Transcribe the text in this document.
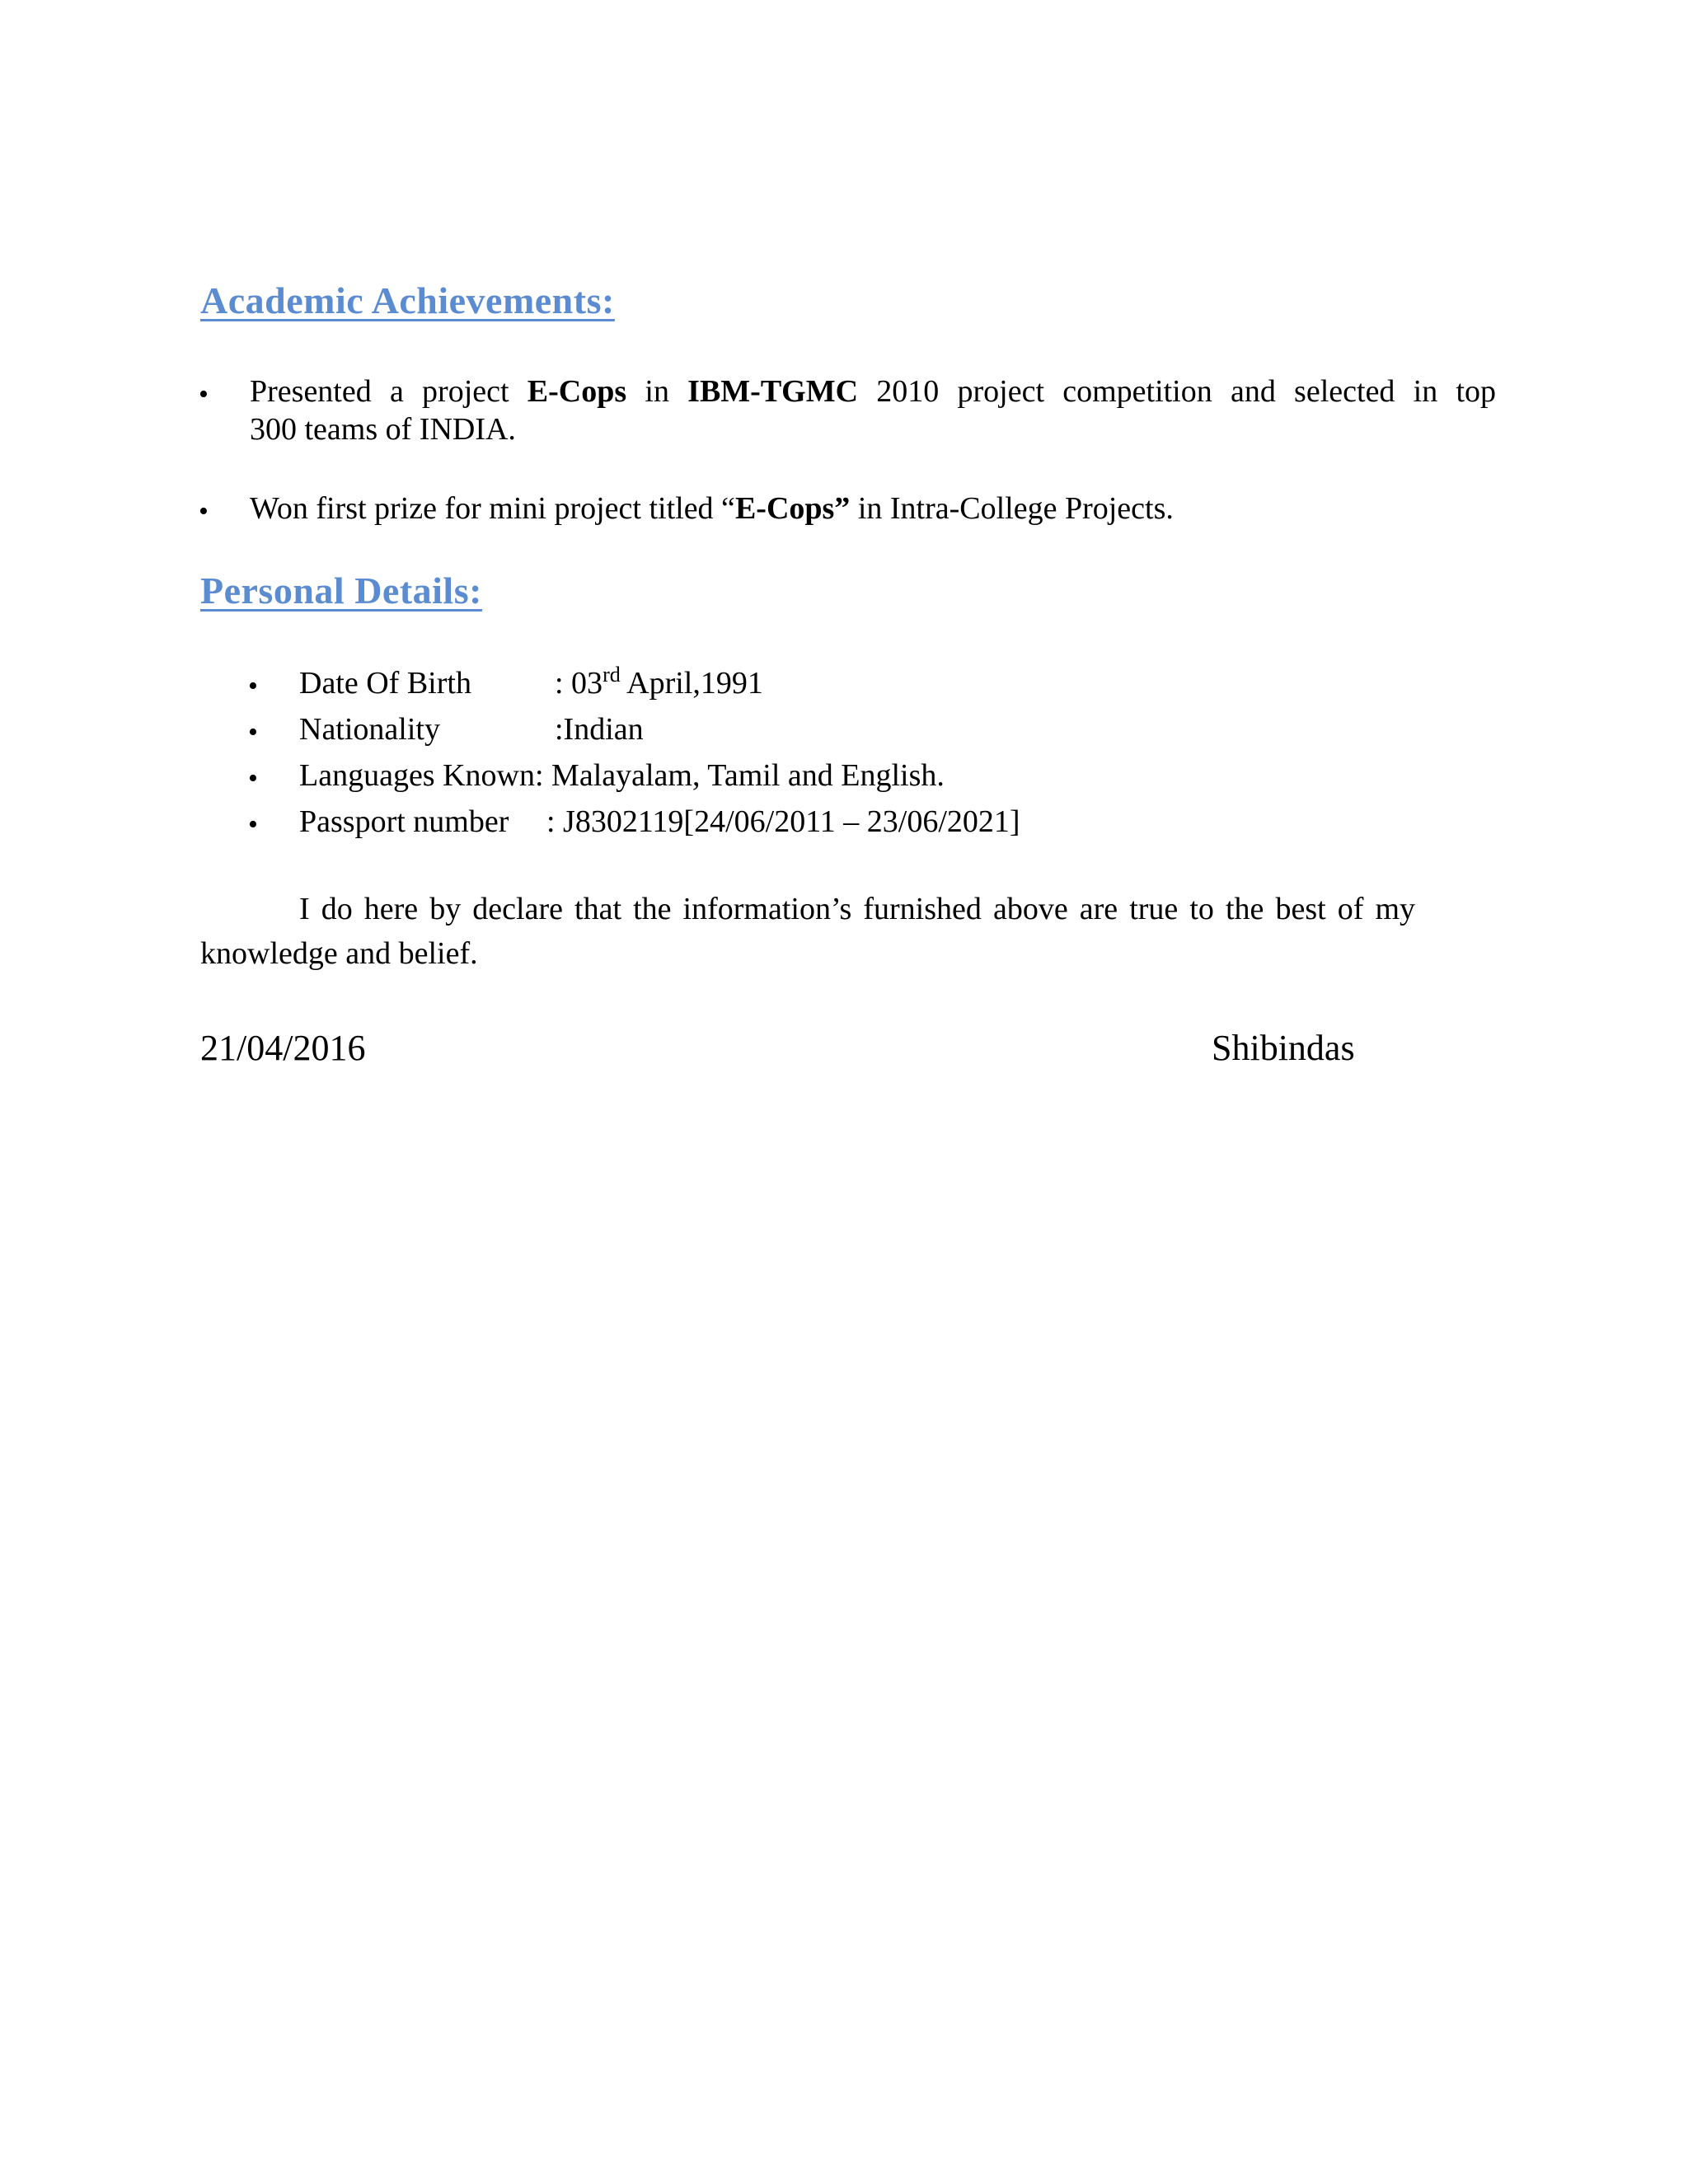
Academic Achievements:
• Presented a project E-Cops in IBM-TGMC 2010 project competition and selected in top
300 teams of INDIA.
• Won first prize for mini project titled “E-Cops” in Intra-College Projects.
Personal Details:
• Date Of Birth	: 03rd April,1991
• Nationality	:Indian
• Languages Known: Malayalam, Tamil and English.
• Passport number : J8302119[24/06/2011 – 23/06/2021]
I do here by declare that the information’s furnished above are true to the best of my
knowledge and belief.
21/04/2016	Shibindas
